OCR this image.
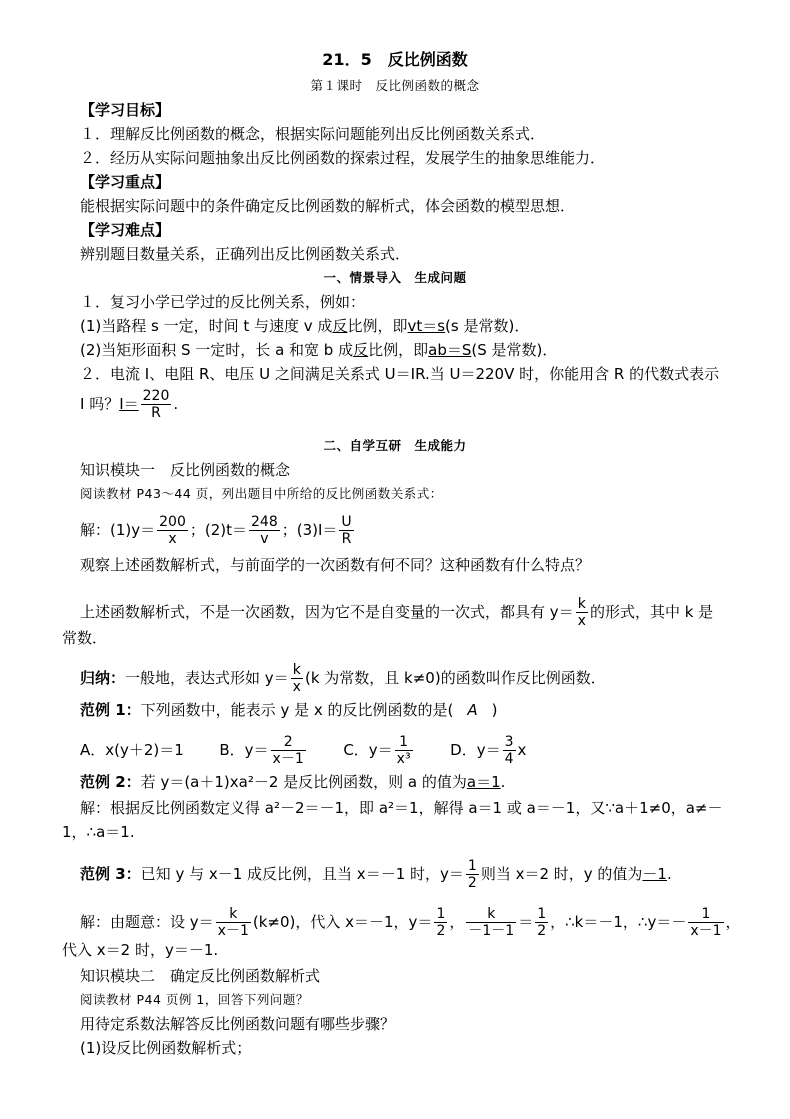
21．5　反比例函数
第１课时　反比例函数的概念
【学习目标】
１．理解反比例函数的概念，根据实际问题能列出反比例函数关系式．
２．经历从实际问题抽象出反比例函数的探索过程，发展学生的抽象思维能力．
【学习重点】
能根据实际问题中的条件确定反比例函数的解析式，体会函数的模型思想．
【学习难点】
辨别题目数量关系，正确列出反比例函数关系式．
一、情景导入　生成问题
１．复习小学已学过的反比例关系，例如：
(1)当路程 s 一定，时间 t 与速度 v 成反比例，即vt＝s(s 是常数)．
(2)当矩形面积 S 一定时，长 a 和宽 b 成反比例，即ab＝S(S 是常数)．
２．电流 I、电阻 R、电压 U 之间满足关系式 U＝IR.当 U＝220V 时，你能用含 R 的代数式表示
I 吗？$I= \frac{220}{R}$ .
二、自学互研　生成能力
知识模块一　反比例函数的概念
阅读教材 P43～44 页，列出题目中所给的反比例函数关系式：
解：$(1)y= \frac{200}{x}$ ；$(2)t= \frac{248}{v}$ ；$(3)I= \frac{U}{R}$
观察上述函数解析式，与前面学的一次函数有何不同？这种函数有什么特点？
上述函数解析式，不是一次函数，因为它不是自变量的一次式，都具有 $y= \frac{k}{x}$ 的形式，其中 k 是
常数．
归纳：一般地，表达式形如 $y= \frac{k}{x} (k$ 为常数，且 k≠0)的函数叫作反比例函数．
范例 1：下列函数中，能表示 y 是 x 的反比例函数的是( A )
A．x(y＋2)＝1 B．$y= \frac{2}{x-1}$	C．$y= \frac{1}{\text{x³}}$	D．$y= \frac{3}{4}$ x
范例 2：若 y＝(a＋1)xa²－2 是反比例函数，则 a 的值为a＝1.
解：根据反比例函数定义得 a²－2＝－1，即 a²＝1，解得 a＝1 或 a＝－1，又∵a＋1≠0，a≠－
1，∴a＝1.
范例 3：已知 y 与 x－1 成反比例，且当 x＝－1 时，$y= \frac{1}{2}$ 则当 x＝2 时，y 的值为－1.
解：由题意：设 $y= \frac{k}{x-1} (k\ne 0)$，代入 x＝－1，$y= \frac{1}{2}$ ， $\frac{k}{-1-1} = \frac{1}{2}$ ，∴k＝－1，∴y＝－ $\frac{1}{x-1}$ ，
代入 x＝2 时，y＝－1.
知识模块二　确定反比例函数解析式
阅读教材 P44 页例 1，回答下列问题？
用待定系数法解答反比例函数问题有哪些步骤？
(1)设反比例函数解析式；
